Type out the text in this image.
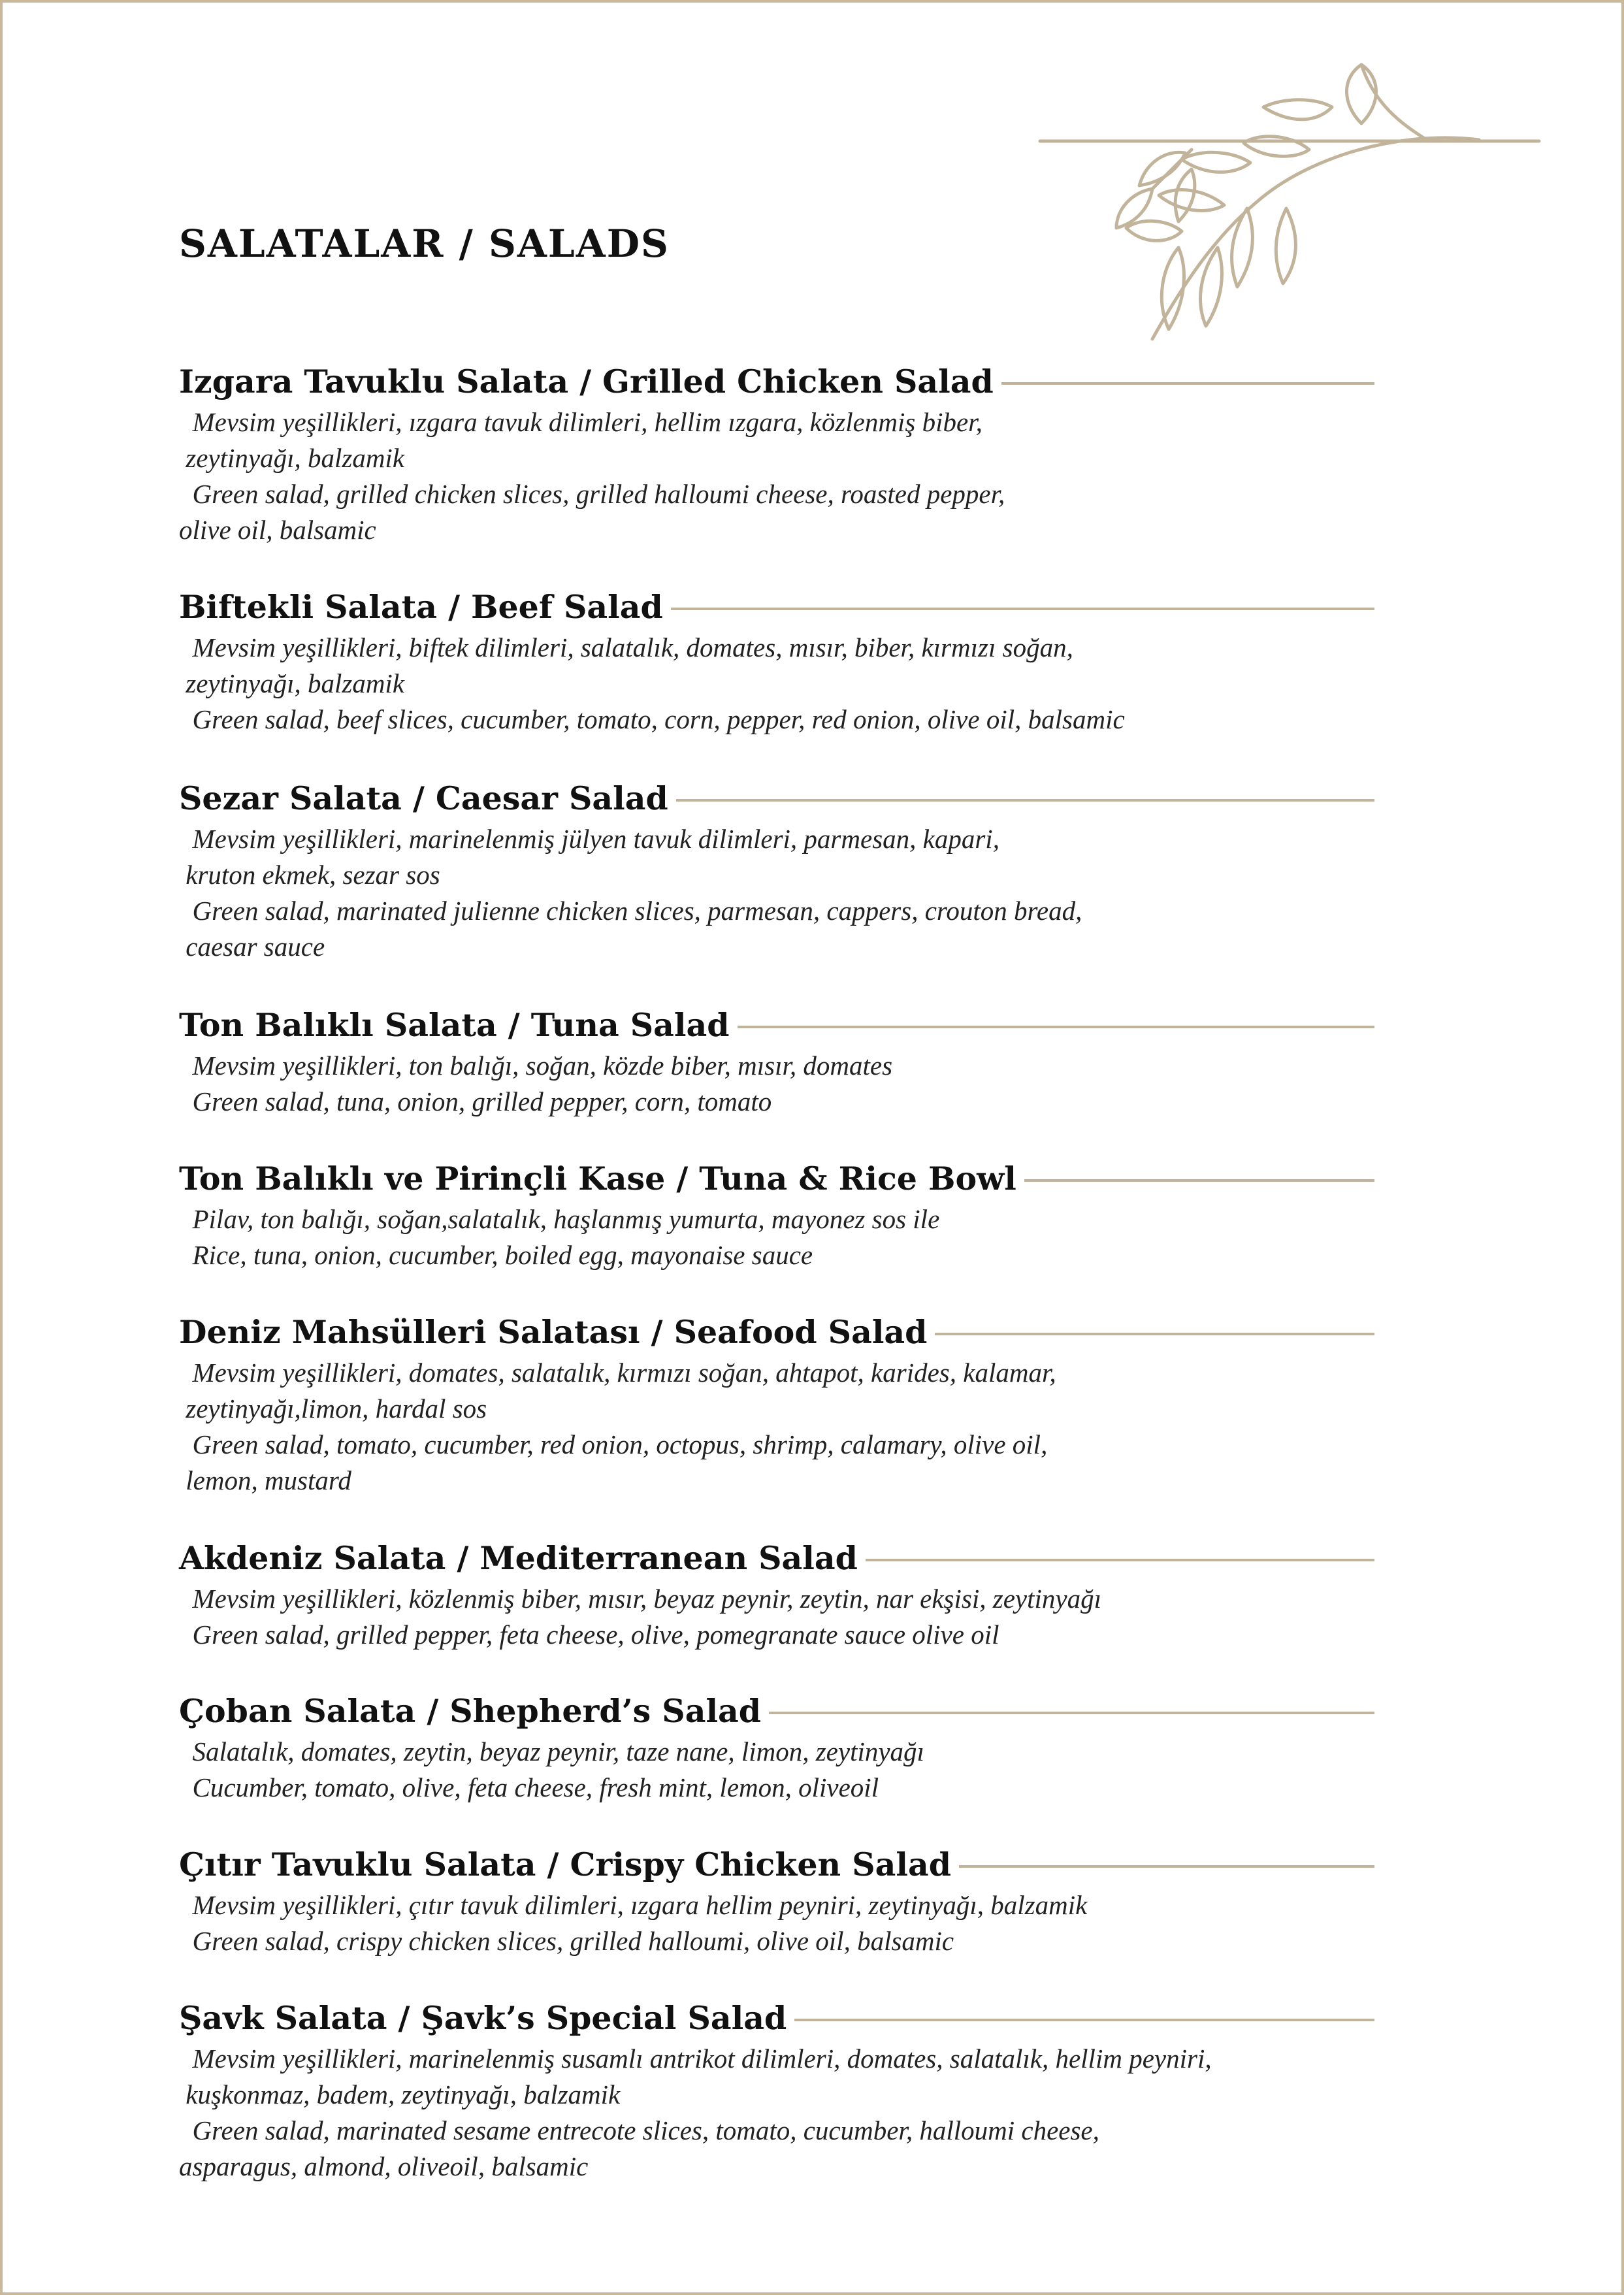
SALATALAR / SALADS
Izgara Tavuklu Salata / Grilled Chicken Salad

Mevsim yeşillikleri, ızgara tavuk dilimleri, hellim ızgara, közlenmiş biber,
zeytinyağı, balzamik
Green salad, grilled chicken slices, grilled halloumi cheese, roasted pepper,
olive oil, balsamic

Biftekli Salata / Beef Salad

Mevsim yeşillikleri, biftek dilimleri, salatalık, domates, mısır, biber, kırmızı soğan,
zeytinyağı, balzamik
Green salad, beef slices, cucumber, tomato, corn, pepper, red onion, olive oil, balsamic

Sezar Salata / Caesar Salad

Mevsim yeşillikleri, marinelenmiş jülyen tavuk dilimleri, parmesan, kapari,
kruton ekmek, sezar sos
Green salad, marinated julienne chicken slices, parmesan, cappers, crouton bread,
caesar sauce

Ton Balıklı Salata / Tuna Salad

Mevsim yeşillikleri, ton balığı, soğan, közde biber, mısır, domates
Green salad, tuna, onion, grilled pepper, corn, tomato

Ton Balıklı ve Pirinçli Kase / Tuna & Rice Bowl

Pilav, ton balığı, soğan,salatalık, haşlanmış yumurta, mayonez sos ile
Rice, tuna, onion, cucumber, boiled egg, mayonaise sauce

Deniz Mahsülleri Salatası / Seafood Salad

Mevsim yeşillikleri, domates, salatalık, kırmızı soğan, ahtapot, karides, kalamar,
zeytinyağı,limon, hardal sos
Green salad, tomato, cucumber, red onion, octopus, shrimp, calamary, olive oil,
lemon, mustard

Akdeniz Salata / Mediterranean Salad

Mevsim yeşillikleri, közlenmiş biber, mısır, beyaz peynir, zeytin, nar ekşisi, zeytinyağı
Green salad, grilled pepper, feta cheese, olive, pomegranate sauce olive oil

Çoban Salata / Shepherd’s Salad

Salatalık, domates, zeytin, beyaz peynir, taze nane, limon, zeytinyağı
Cucumber, tomato, olive, feta cheese, fresh mint, lemon, oliveoil

Çıtır Tavuklu Salata / Crispy Chicken Salad

Mevsim yeşillikleri, çıtır tavuk dilimleri, ızgara hellim peyniri, zeytinyağı, balzamik
Green salad, crispy chicken slices, grilled halloumi, olive oil, balsamic

Şavk Salata / Şavk’s Special Salad

Mevsim yeşillikleri, marinelenmiş susamlı antrikot dilimleri, domates, salatalık, hellim peyniri,
kuşkonmaz, badem, zeytinyağı, balzamik
Green salad, marinated sesame entrecote slices, tomato, cucumber, halloumi cheese,
asparagus, almond, oliveoil, balsamic
